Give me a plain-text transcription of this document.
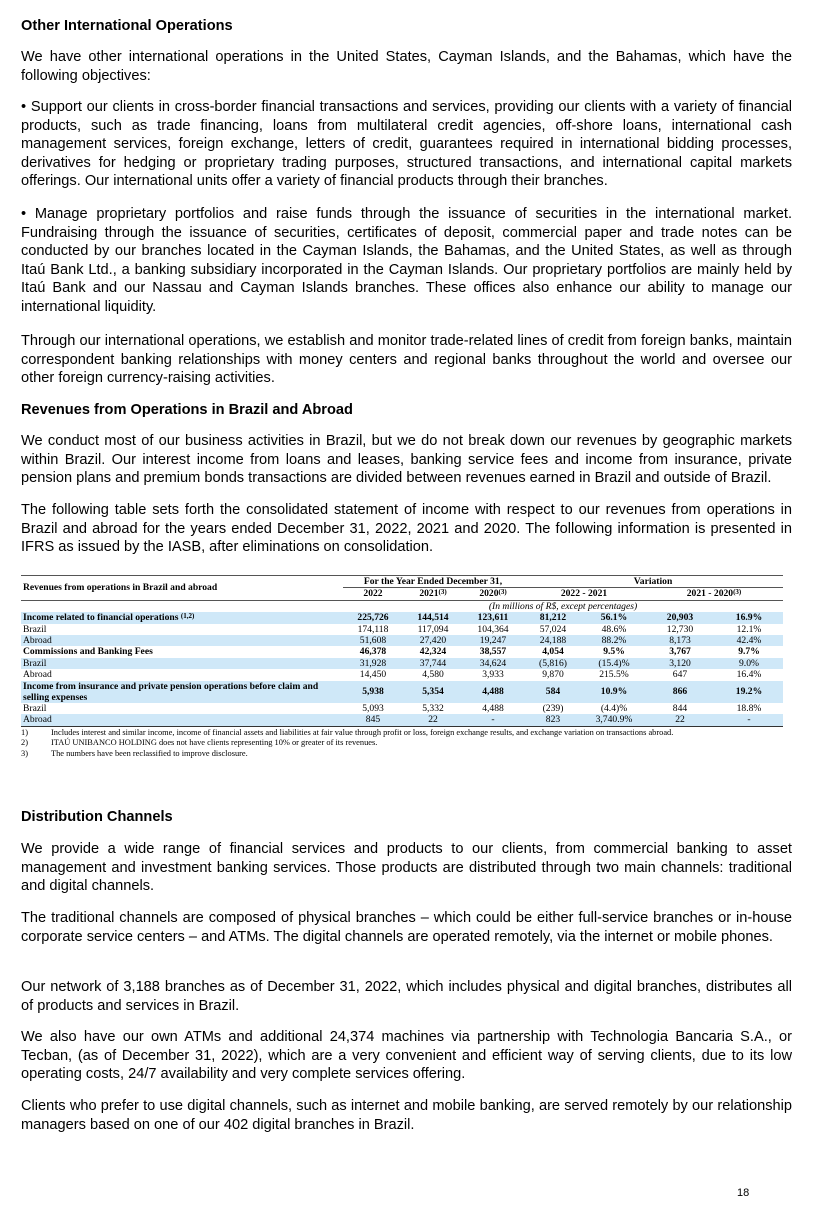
Other International Operations

We have other international operations in the United States, Cayman Islands, and the Bahamas, which have the following objectives:

• Support our clients in cross-border financial transactions and services, providing our clients with a variety of financial products, such as trade financing, loans from multilateral credit agencies, off-shore loans, international cash management services, foreign exchange, letters of credit, guarantees required in international bidding processes, derivatives for hedging or proprietary trading purposes, structured transactions, and international capital markets offerings. Our international units offer a variety of financial products through their branches.

• Manage proprietary portfolios and raise funds through the issuance of securities in the international market. Fundraising through the issuance of securities, certificates of deposit, commercial paper and trade notes can be conducted by our branches located in the Cayman Islands, the Bahamas, and the United States, as well as through Itaú Bank Ltd., a banking subsidiary incorporated in the Cayman Islands. Our proprietary portfolios are mainly held by Itaú Bank and our Nassau and Cayman Islands branches. These offices also enhance our ability to manage our international liquidity.

Through our international operations, we establish and monitor trade-related lines of credit from foreign banks, maintain correspondent banking relationships with money centers and regional banks throughout the world and oversee our other foreign currency-raising activities.

Revenues from Operations in Brazil and Abroad

We conduct most of our business activities in Brazil, but we do not break down our revenues by geographic markets within Brazil. Our interest income from loans and leases, banking service fees and income from insurance, private pension plans and premium bonds transactions are divided between revenues earned in Brazil and outside of Brazil.

The following table sets forth the consolidated statement of income with respect to our revenues from operations in Brazil and abroad for the years ended December 31, 2022, 2021 and 2020. The following information is presented in IFRS as issued by the IASB, after eliminations on consolidation.

Revenues from operations in Brazil and abroad	For the Year Ended December 31,			Variation			
	2022	2021$^{(3)}$	2020$^{(3)}$	2022 - 2021		2021 - 2020$^{(3)}$
	(In millions of R$, except percentages)						
Income related to financial operations $^{(1,2)}$	225,726	144,514	123,611	81,212	56.1%	20,903	16.9%
Brazil	174,118	117,094	104,364	57,024	48.6%	12,730	12.1%
Abroad	51,608	27,420	19,247	24,188	88.2%	8,173	42.4%
Commissions and Banking Fees	46,378	42,324	38,557	4,054	9.5%	3,767	9.7%
Brazil	31,928	37,744	34,624	(5,816)	(15.4)%	3,120	9.0%
Abroad	14,450	4,580	3,933	9,870	215.5%	647	16.4%
Income from insurance and private pension operations before claim and selling expenses	5,938	5,354	4,488	584	10.9%	866	19.2%
Brazil	5,093	5,332	4,488	(239)	(4.4)%	844	18.8%
Abroad	845	22	-	823	3,740.9%	22	-
1)	Includes interest and similar income, income of financial assets and liabilities at fair value through profit or loss, foreign exchange results, and exchange variation on transactions abroad.
2)	ITAÚ UNIBANCO HOLDING does not have clients representing 10% or greater of its revenues.
3)	The numbers have been reclassified to improve disclosure.
Distribution Channels

We provide a wide range of financial services and products to our clients, from commercial banking to asset management and investment banking services. Those products are distributed through two main channels: traditional and digital channels.

The traditional channels are composed of physical branches – which could be either full-service branches or in-house corporate service centers – and ATMs. The digital channels are operated remotely, via the internet or mobile phones.

Our network of 3,188 branches as of December 31, 2022, which includes physical and digital branches, distributes all of products and services in Brazil.

We also have our own ATMs and additional 24,374 machines via partnership with Technologia Bancaria S.A., or Tecban, (as of December 31, 2022), which are a very convenient and efficient way of serving clients, due to its low operating costs, 24/7 availability and very complete services offering.

Clients who prefer to use digital channels, such as internet and mobile banking, are served remotely by our relationship managers based on one of our 402 digital branches in Brazil.

18
